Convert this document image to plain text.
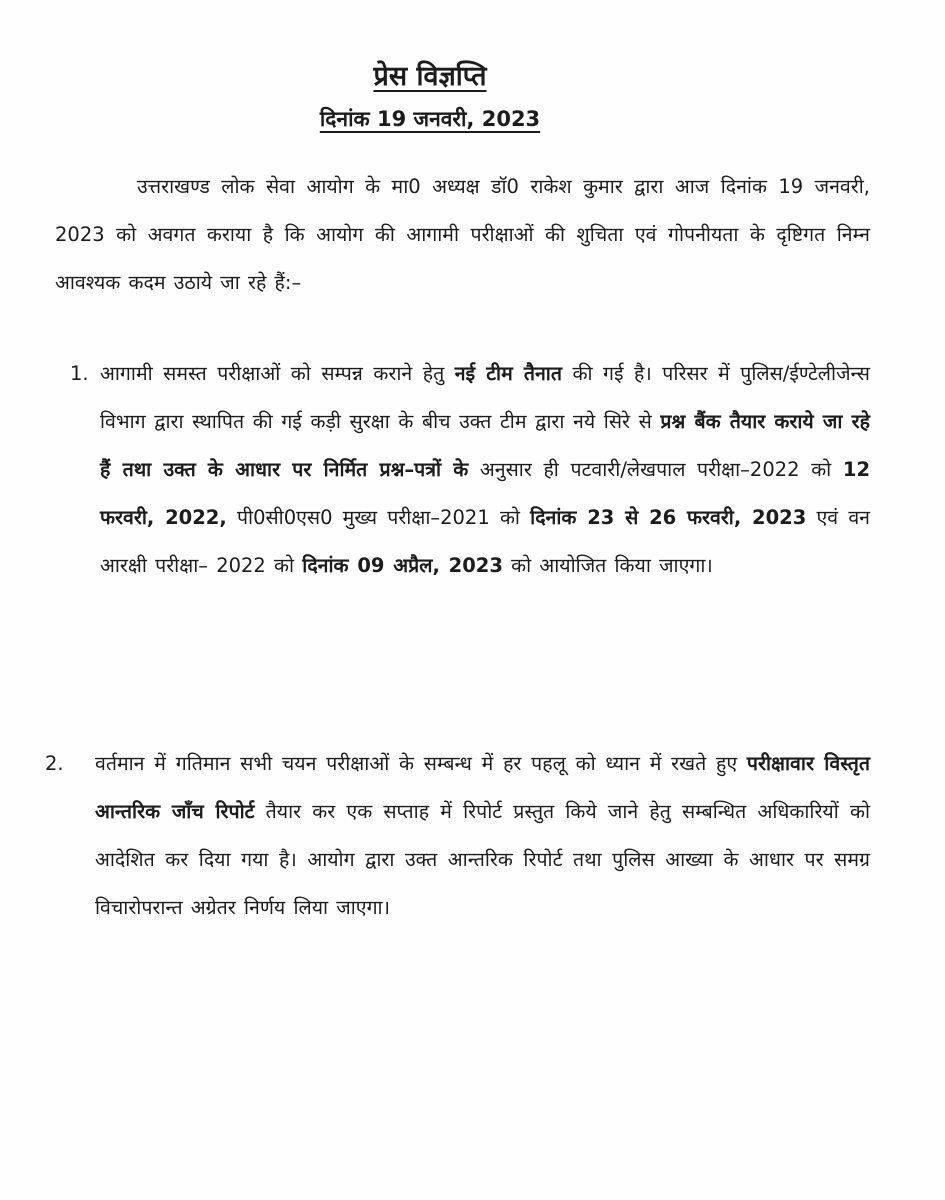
प्रेस विज्ञप्ति
दिनांक 19 जनवरी, 2023
उत्तराखण्ड लोक सेवा आयोग के मा0 अध्यक्ष डॉ0 राकेश कुमार द्वारा आज दिनांक 19 जनवरी, 2023 को अवगत कराया है कि आयोग की आगामी परीक्षाओं की शुचिता एवं गोपनीयता के दृष्टिगत निम्न आवश्यक कदम उठाये जा रहे हैं:–
1. आगामी समस्त परीक्षाओं को सम्पन्न कराने हेतु नई टीम तैनात की गई है। परिसर में पुलिस/ईण्टेलीजेन्स विभाग द्वारा स्थापित की गई कड़ी सुरक्षा के बीच उक्त टीम द्वारा नये सिरे से प्रश्न बैंक तैयार कराये जा रहे हैं तथा उक्त के आधार पर निर्मित प्रश्न–पत्रों के अनुसार ही पटवारी/लेखपाल परीक्षा–2022 को 12 फरवरी, 2022, पी0सी0एस0 मुख्य परीक्षा–2021 को दिनांक 23 से 26 फरवरी, 2023 एवं वन आरक्षी परीक्षा– 2022 को दिनांक 09 अप्रैल, 2023 को आयोजित किया जाएगा।
2. वर्तमान में गतिमान सभी चयन परीक्षाओं के सम्बन्ध में हर पहलू को ध्यान में रखते हुए परीक्षावार विस्तृत आन्तरिक जाँच रिपोर्ट तैयार कर एक सप्ताह में रिपोर्ट प्रस्तुत किये जाने हेतु सम्बन्धित अधिकारियों को आदेशित कर दिया गया है। आयोग द्वारा उक्त आन्तरिक रिपोर्ट तथा पुलिस आख्या के आधार पर समग्र विचारोपरान्त अग्रेतर निर्णय लिया जाएगा।
